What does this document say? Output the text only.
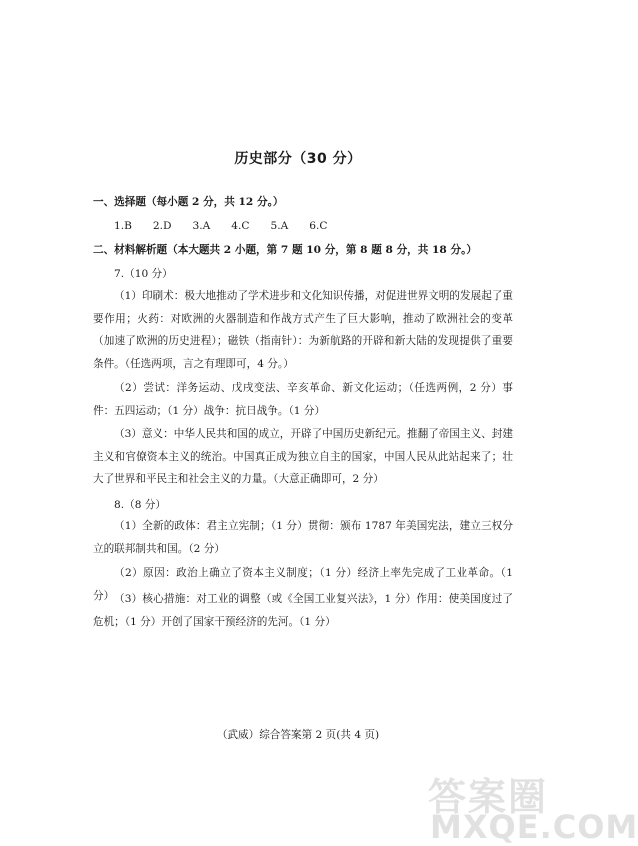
历史部分（30 分）
一、选择题（每小题 2 分，共 12 分。）
1.B 2.D 3.A 4.C 5.A 6.C
二、材料解析题（本大题共 2 小题，第 7 题 10 分，第 8 题 8 分，共 18 分。）
7.（10 分）
（1）印刷术：极大地推动了学术进步和文化知识传播，对促进世界文明的发展起了重要作用；火药：对欧洲的火器制造和作战方式产生了巨大影响，推动了欧洲社会的变革（加速了欧洲的历史进程）；磁铁（指南针）：为新航路的开辟和新大陆的发现提供了重要条件。（任选两项，言之有理即可，4 分。）
（2）尝试：洋务运动、戊戌变法、辛亥革命、新文化运动；（任选两例，2 分）事件：五四运动；（1 分）战争：抗日战争。（1 分）
（3）意义：中华人民共和国的成立，开辟了中国历史新纪元。推翻了帝国主义、封建主义和官僚资本主义的统治。中国真正成为独立自主的国家，中国人民从此站起来了；壮大了世界和平民主和社会主义的力量。（大意正确即可，2 分）
8.（8 分）
（1）全新的政体：君主立宪制；（1 分）贯彻：颁布 1787 年美国宪法，建立三权分立的联邦制共和国。（2 分）
（2）原因：政治上确立了资本主义制度；（1 分）经济上率先完成了工业革命。（1 分） （3）核心措施：对工业的调整（或《全国工业复兴法》，1 分）作用：使美国度过了危机；（1 分）开创了国家干预经济的先河。（1 分）
（武威）综合答案第 2 页(共 4 页)
答案圈
MXQE.COM
